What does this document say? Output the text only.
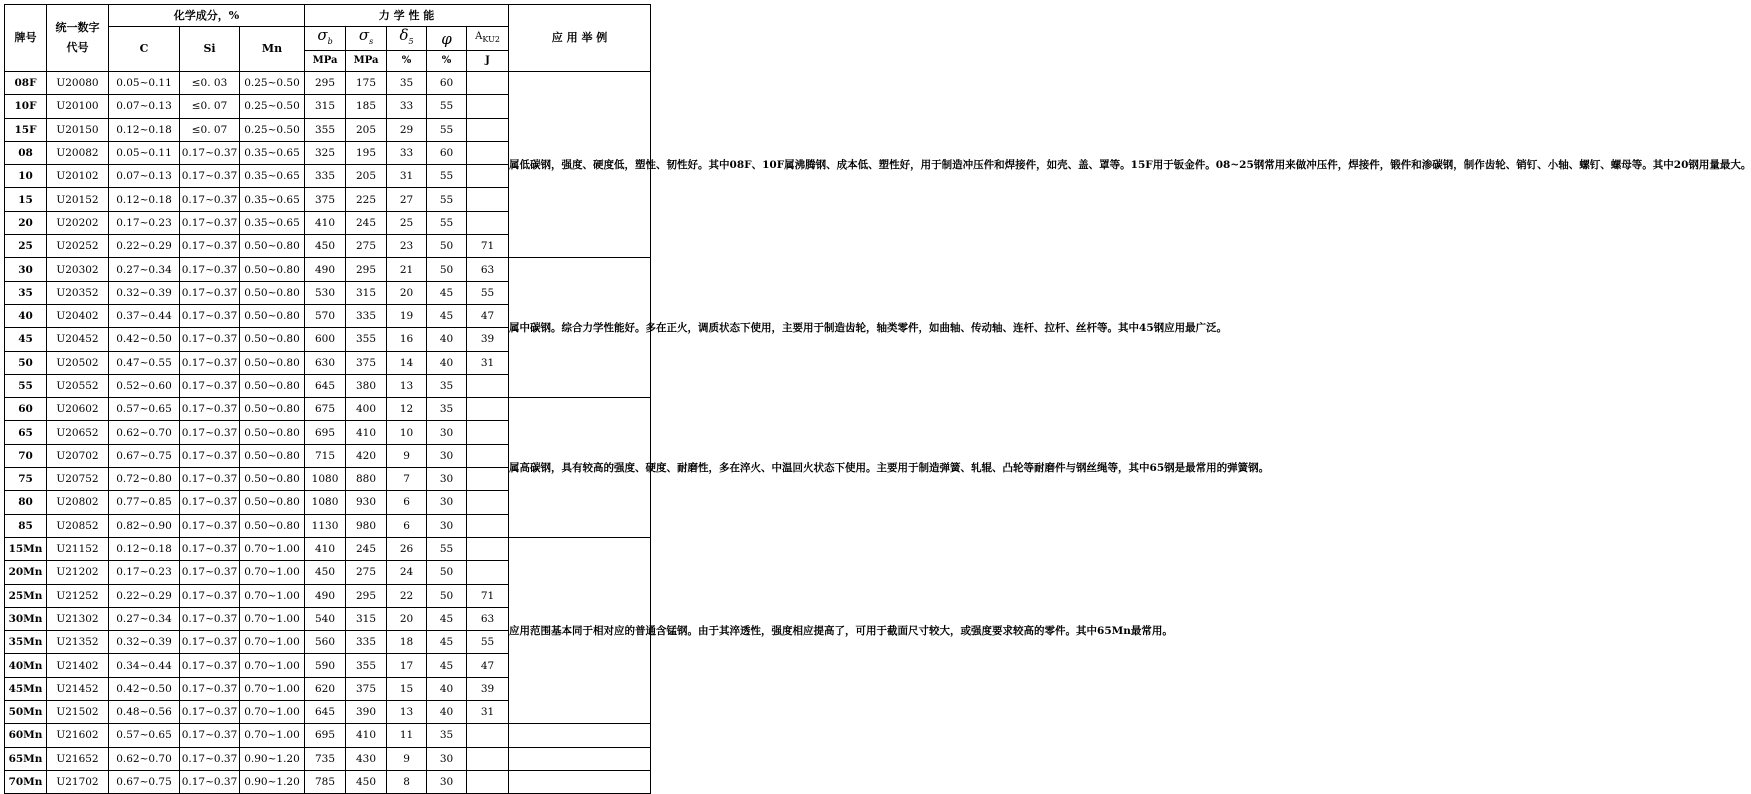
牌号	统一数字代号	化学成分，%			力 学 性 能					应 用 举 例
		C	Si	Mn	$\sigma_b$	$\sigma_s$	$\delta_5$	φ	$A_{KU2}$
					MPa	MPa	%	%	J	
08F	U20080	0.05~0.11	≤0. 03	0.25~0.50	295	175	35	60		属低碳钢，强度、硬度低，塑性、韧性好。其中08F、10F属沸腾钢、成本低、塑性好，用于制造冲压件和焊接件，如壳、盖、罩等。15F用于钣金件。08~25钢常用来做冲压件，焊接件，锻件和渗碳钢，制作齿轮、销钉、小轴、螺钉、螺母等。其中20钢用量最大。
10F	U20100	0.07~0.13	≤0. 07	0.25~0.50	315	185	33	55		
15F	U20150	0.12~0.18	≤0. 07	0.25~0.50	355	205	29	55		
08	U20082	0.05~0.11	0.17~0.37	0.35~0.65	325	195	33	60		
10	U20102	0.07~0.13	0.17~0.37	0.35~0.65	335	205	31	55		
15	U20152	0.12~0.18	0.17~0.37	0.35~0.65	375	225	27	55		
20	U20202	0.17~0.23	0.17~0.37	0.35~0.65	410	245	25	55		
25	U20252	0.22~0.29	0.17~0.37	0.50~0.80	450	275	23	50	71	
30	U20302	0.27~0.34	0.17~0.37	0.50~0.80	490	295	21	50	63	属中碳钢。综合力学性能好。多在正火，调质状态下使用，主要用于制造齿轮，轴类零件，如曲轴、传动轴、连杆、拉杆、丝杆等。其中45钢应用最广泛。
35	U20352	0.32~0.39	0.17~0.37	0.50~0.80	530	315	20	45	55	
40	U20402	0.37~0.44	0.17~0.37	0.50~0.80	570	335	19	45	47	
45	U20452	0.42~0.50	0.17~0.37	0.50~0.80	600	355	16	40	39	
50	U20502	0.47~0.55	0.17~0.37	0.50~0.80	630	375	14	40	31	
55	U20552	0.52~0.60	0.17~0.37	0.50~0.80	645	380	13	35		
60	U20602	0.57~0.65	0.17~0.37	0.50~0.80	675	400	12	35		属高碳钢，具有较高的强度、硬度、耐磨性，多在淬火、中温回火状态下使用。主要用于制造弹簧、轧辊、凸轮等耐磨件与钢丝绳等，其中65钢是最常用的弹簧钢。
65	U20652	0.62~0.70	0.17~0.37	0.50~0.80	695	410	10	30		
70	U20702	0.67~0.75	0.17~0.37	0.50~0.80	715	420	9	30		
75	U20752	0.72~0.80	0.17~0.37	0.50~0.80	1080	880	7	30		
80	U20802	0.77~0.85	0.17~0.37	0.50~0.80	1080	930	6	30		
85	U20852	0.82~0.90	0.17~0.37	0.50~0.80	1130	980	6	30		
15Mn	U21152	0.12~0.18	0.17~0.37	0.70~1.00	410	245	26	55		应用范围基本同于相对应的普通含锰钢。由于其淬透性，强度相应提高了，可用于截面尺寸较大，或强度要求较高的零件。其中65Mn最常用。
20Mn	U21202	0.17~0.23	0.17~0.37	0.70~1.00	450	275	24	50		
25Mn	U21252	0.22~0.29	0.17~0.37	0.70~1.00	490	295	22	50	71	
30Mn	U21302	0.27~0.34	0.17~0.37	0.70~1.00	540	315	20	45	63	
35Mn	U21352	0.32~0.39	0.17~0.37	0.70~1.00	560	335	18	45	55	
40Mn	U21402	0.34~0.44	0.17~0.37	0.70~1.00	590	355	17	45	47	
45Mn	U21452	0.42~0.50	0.17~0.37	0.70~1.00	620	375	15	40	39	
50Mn	U21502	0.48~0.56	0.17~0.37	0.70~1.00	645	390	13	40	31	
60Mn	U21602	0.57~0.65	0.17~0.37	0.70~1.00	695	410	11	35		
65Mn	U21652	0.62~0.70	0.17~0.37	0.90~1.20	735	430	9	30		
70Mn	U21702	0.67~0.75	0.17~0.37	0.90~1.20	785	450	8	30		
